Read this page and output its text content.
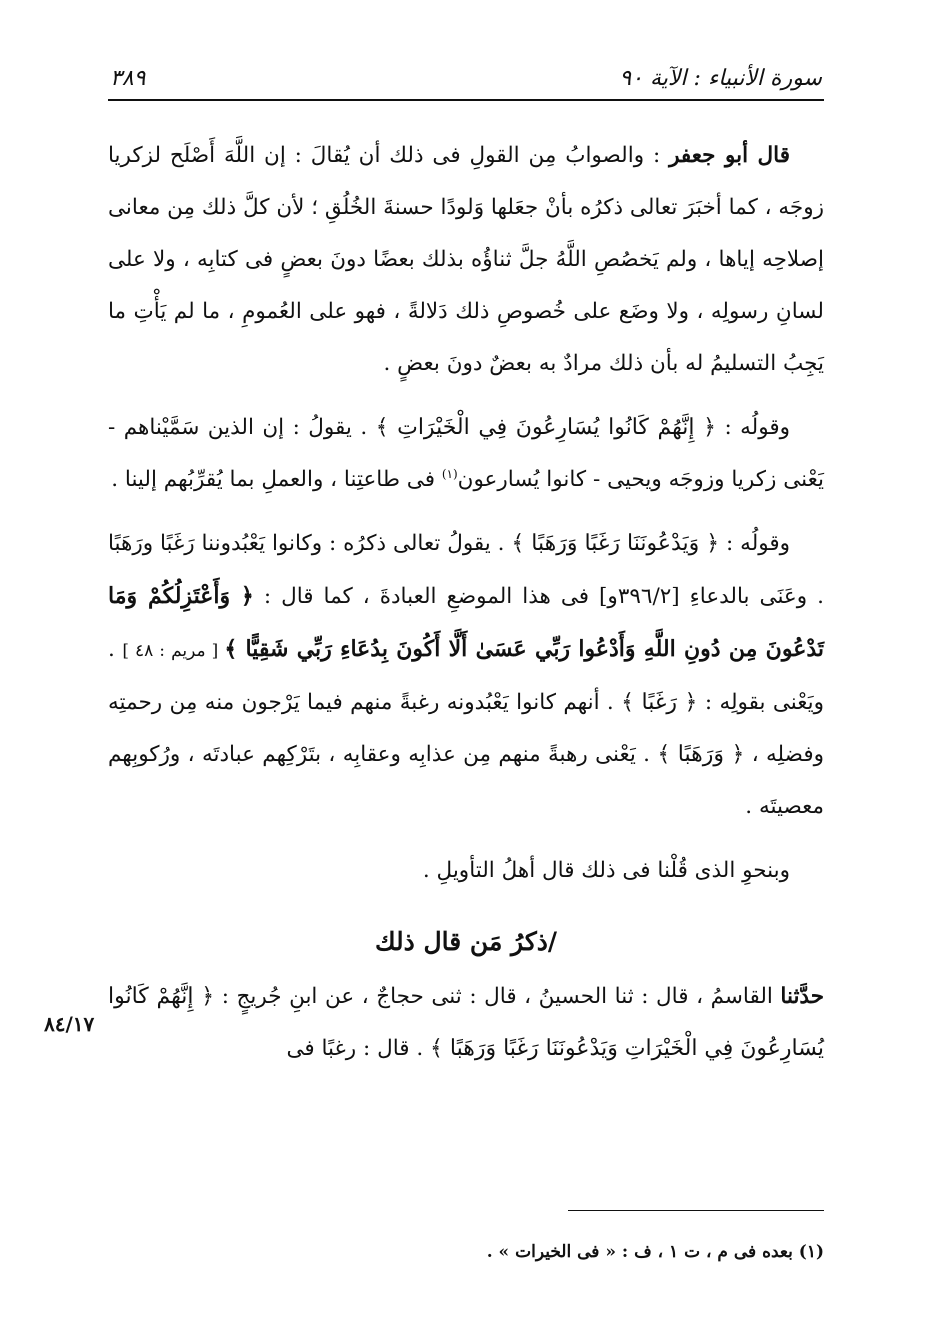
سورة الأنبياء : الآية ٩٠
٣٨٩

قال أبو جعفر : والصوابُ مِن القولِ فى ذلك أن يُقالَ : إن اللَّهَ أَصْلَح لزكريا زوجَه ، كما أخبَرَ تعالى ذكرُه بأنْ جعَلها وَلودًا حسنةَ الخُلُقِ ؛ لأن كلَّ ذلك مِن معانى إصلاحِه إياها ، ولم يَخصُصِ اللَّهُ جلَّ ثناؤُه بذلك بعضًا دونَ بعضٍ فى كتابِه ، ولا على لسانِ رسولِه ، ولا وضَع على خُصوصِ ذلك دَلالةً ، فهو على العُمومِ ، ما لم يَأْتِ ما يَجِبُ التسليمُ له بأن ذلك مرادٌ به بعضٌ دونَ بعضٍ .

وقولُه : ﴿ إِنَّهُمْ كَانُوا يُسَارِعُونَ فِي الْخَيْرَاتِ ﴾ . يقولُ : إن الذين سَمَّيْناهم - يَعْنى زكريا وزوجَه ويحيى - كانوا يُسارعون$^{(١)}$ فى طاعتِنا ، والعملِ بما يُقرِّبُهم إلينا .

وقولُه : ﴿ وَيَدْعُونَنَا رَغَبًا وَرَهَبًا ﴾ . يقولُ تعالى ذكرُه : وكانوا يَعْبُدوننا رَغَبًا ورَهَبًا . وعَنَى بالدعاءِ [٣٩٦/٢و] فى هذا الموضعِ العبادةَ ، كما قال : ﴿ وَأَعْتَزِلُكُمْ وَمَا تَدْعُونَ مِن دُونِ اللَّهِ وَأَدْعُوا رَبِّي عَسَىٰ أَلَّا أَكُونَ بِدُعَاءِ رَبِّي شَقِيًّا ﴾ [ مريم : ٤٨ ] . ويَعْنى بقولِه : ﴿ رَغَبًا ﴾ . أنهم كانوا يَعْبُدونه رغبةً منهم فيما يَرْجون منه مِن رحمتِه وفضلِه ، ﴿ وَرَهَبًا ﴾ . يَعْنى رهبةً منهم مِن عذابِه وعقابِه ، بتَرْكِهم عبادتَه ، ورُكوبِهم معصيتَه .

وبنحوِ الذى قُلْنا فى ذلك قال أهلُ التأويلِ .

/ذكرُ مَن قال ذلك

حدَّثنا القاسمُ ، قال : ثنا الحسينُ ، قال : ثنى حجاجٌ ، عن ابنِ جُريجٍ : ﴿ إِنَّهُمْ كَانُوا يُسَارِعُونَ فِي الْخَيْرَاتِ وَيَدْعُونَنَا رَغَبًا وَرَهَبًا ﴾ . قال : رغبًا فى

٨٤/١٧
(١) بعده فى م ، ت ١ ، ف : « فى الخيرات » .
